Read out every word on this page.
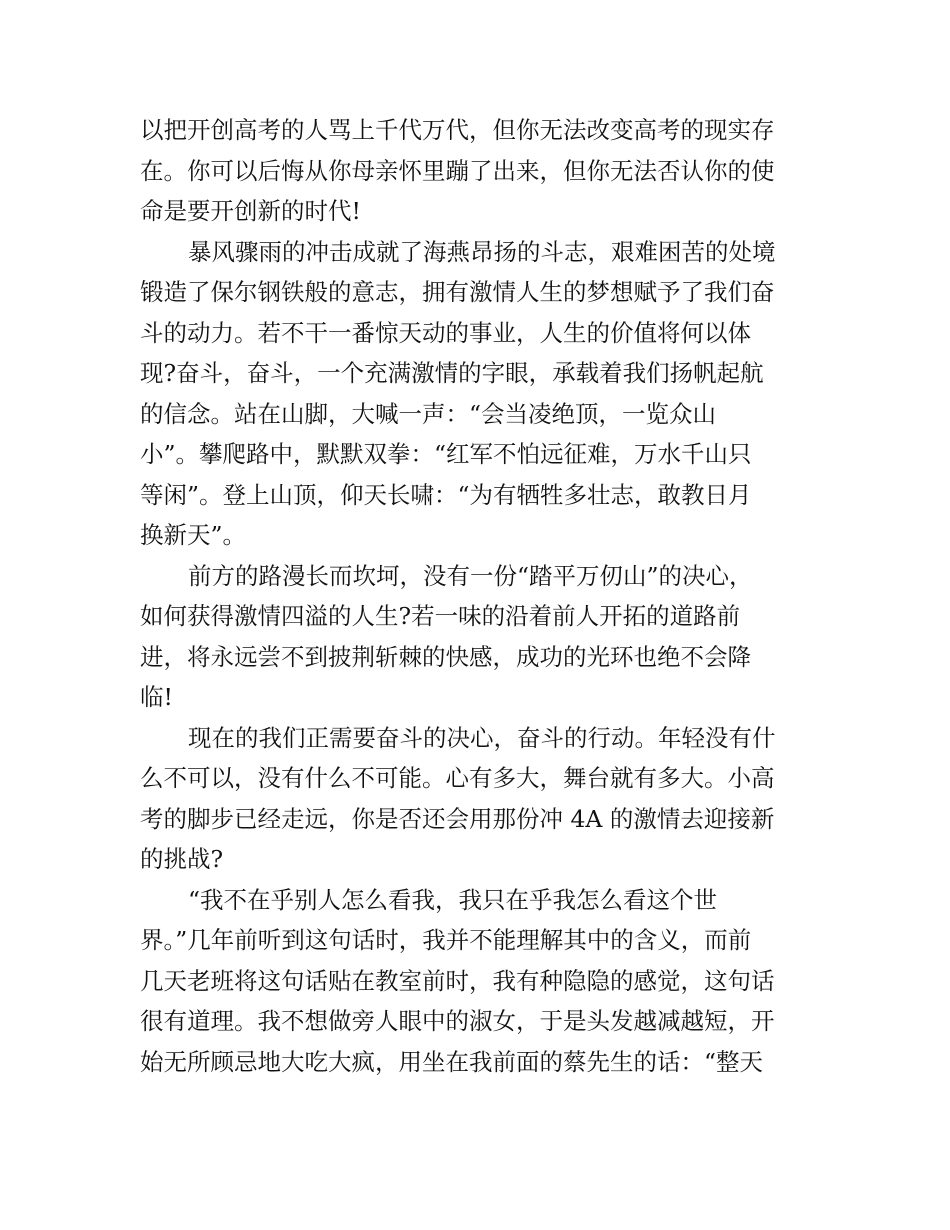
以把开创高考的人骂上千代万代，但你无法改变高考的现实存
在。你可以后悔从你母亲怀里蹦了出来，但你无法否认你的使
命是要开创新的时代!

暴风骤雨的冲击成就了海燕昂扬的斗志，艰难困苦的处境
锻造了保尔钢铁般的意志，拥有激情人生的梦想赋予了我们奋
斗的动力。若不干一番惊天动的事业，人生的价值将何以体
现?奋斗，奋斗，一个充满激情的字眼，承载着我们扬帆起航
的信念。站在山脚，大喊一声：“会当凌绝顶，一览众山
小”。攀爬路中，默默双拳：“红军不怕远征难，万水千山只
等闲”。登上山顶，仰天长啸：“为有牺牲多壮志，敢教日月
换新天”。

前方的路漫长而坎坷，没有一份“踏平万仞山”的决心，
如何获得激情四溢的人生?若一味的沿着前人开拓的道路前
进，将永远尝不到披荆斩棘的快感，成功的光环也绝不会降
临!

现在的我们正需要奋斗的决心，奋斗的行动。年轻没有什
么不可以，没有什么不可能。心有多大，舞台就有多大。小高
考的脚步已经走远，你是否还会用那份冲 4A 的激情去迎接新
的挑战?

“我不在乎别人怎么看我，我只在乎我怎么看这个世
界。”几年前听到这句话时，我并不能理解其中的含义，而前
几天老班将这句话贴在教室前时，我有种隐隐的感觉，这句话
很有道理。我不想做旁人眼中的淑女，于是头发越减越短，开
始无所顾忌地大吃大疯，用坐在我前面的蔡先生的话：“整天
